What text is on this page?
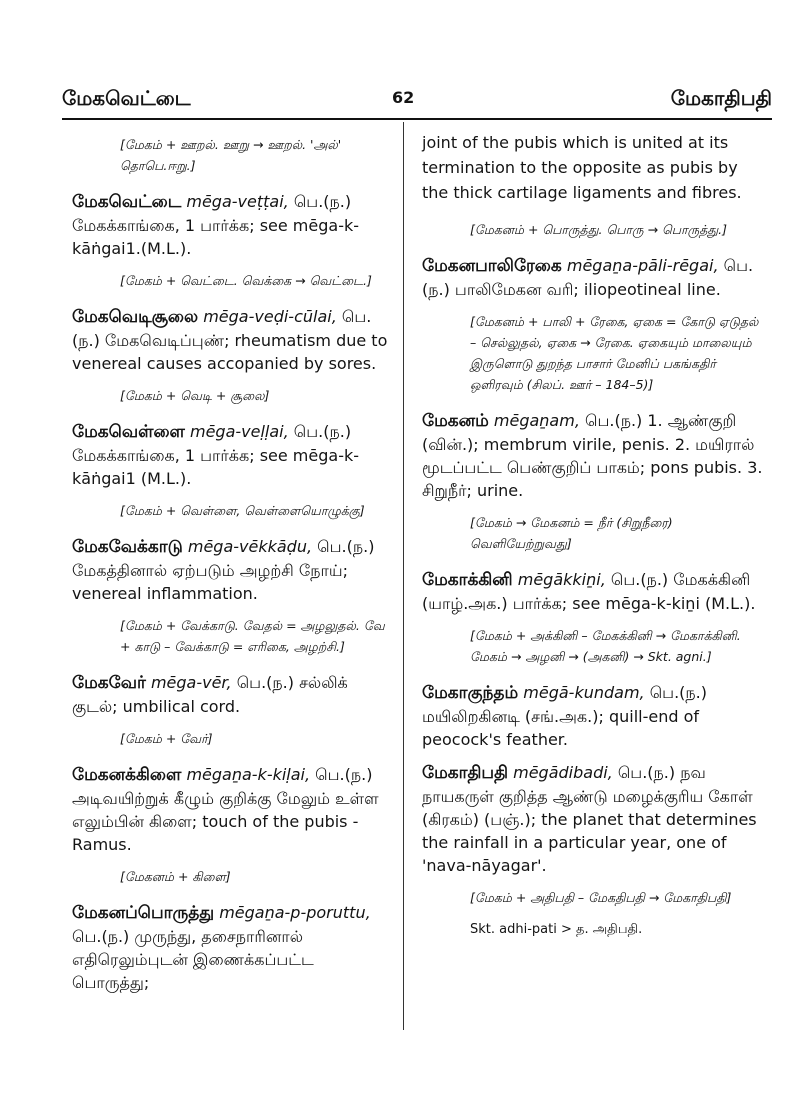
மேகவெட்டை	62	மேகாதிபதி
[மேகம் + ஊறல். ஊறு → ஊறல். 'அல்' தொபெ.ஈறு.]
மேகவெட்டை mēga-veṭṭai, பெ.(ந.) மேகக்காங்கை, 1 பார்க்க; see mēga-k-kāṅgai1.(M.L.).
[மேகம் + வெட்டை. வெக்கை → வெட்டை.]
மேகவெடிசூலை mēga-veḍi-cūlai, பெ.(ந.) மேகவெடிப்புண்; rheumatism due to venereal causes accopanied by sores.
[மேகம் + வெடி + சூலை]
மேகவெள்ளை mēga-veḷḷai, பெ.(ந.) மேகக்காங்கை, 1 பார்க்க; see mēga-k-kāṅgai1 (M.L.).
[மேகம் + வெள்ளை, வெள்ளையொழுக்கு]
மேகவேக்காடு mēga-vēkkāḍu, பெ.(ந.) மேகத்தினால் ஏற்படும் அழற்சி நோய்; venereal inflammation.
[மேகம் + வேக்காடு. வேதல் = அழலுதல். வே + காடு – வேக்காடு = எரிகை, அழற்சி.]
மேகவேர் mēga-vēr, பெ.(ந.) சல்லிக் குடல்; umbilical cord.
[மேகம் + வேர்]
மேகனக்கிளை mēgaṉa-k-kiḷai, பெ.(ந.) அடிவயிற்றுக் கீழும் குறிக்கு மேலும் உள்ள எலும்பின் கிளை; touch of the pubis - Ramus.
[மேகனம் + கிளை]
மேகனப்பொருத்து mēgaṉa-p-poruttu, பெ.(ந.) முருந்து, தசைநாரினால் எதிரெலும்புடன் இணைக்கப்பட்ட பொருத்து;
joint of the pubis which is united at its termination to the opposite as pubis by the thick cartilage ligaments and fibres.
[மேகனம் + பொருத்து. பொரு → பொருத்து.]
மேகனபாலிரேகை mēgaṉa-pāli-rēgai, பெ.(ந.) பாலிமேகன வரி; iliopeotineal line.
[மேகனம் + பாலி + ரேகை, ஏகை = கோடு ஏடுதல் – செல்லுதல், ஏகை → ரேகை. ஏகையும் மாலையும் இருளொடு துறந்த பாசார் மேனிப் பகங்கதிர் ஒளிரவும் (சிலப். ஊர் – 184–5)]
மேகனம் mēgaṉam, பெ.(ந.) 1. ஆண்குறி (வின்.); membrum virile, penis. 2. மயிரால் மூடப்பட்ட பெண்குறிப் பாகம்; pons pubis. 3. சிறுநீர்; urine.
[மேகம் → மேகனம் = நீர் (சிறுநீரை) வெளியேற்றுவது]
மேகாக்கினி mēgākkiṉi, பெ.(ந.) மேகக்கினி (யாழ்.அக.) பார்க்க; see mēga-k-kiṉi (M.L.).
[மேகம் + அக்கினி – மேகக்கினி → மேகாக்கினி. மேகம் → அழனி → (அகனி) → Skt. agni.]
மேகாகுந்தம் mēgā-kundam, பெ.(ந.) மயிலிறகினடி (சங்.அக.); quill-end of peocock's feather.
மேகாதிபதி mēgādibadi, பெ.(ந.) நவ நாயகருள் குறித்த ஆண்டு மழைக்குரிய கோள் (கிரகம்) (பஞ்.); the planet that determines the rainfall in a particular year, one of 'nava-nāyagar'.
[மேகம் + அதிபதி – மேகதிபதி → மேகாதிபதி]
Skt. adhi-pati > த. அதிபதி.
